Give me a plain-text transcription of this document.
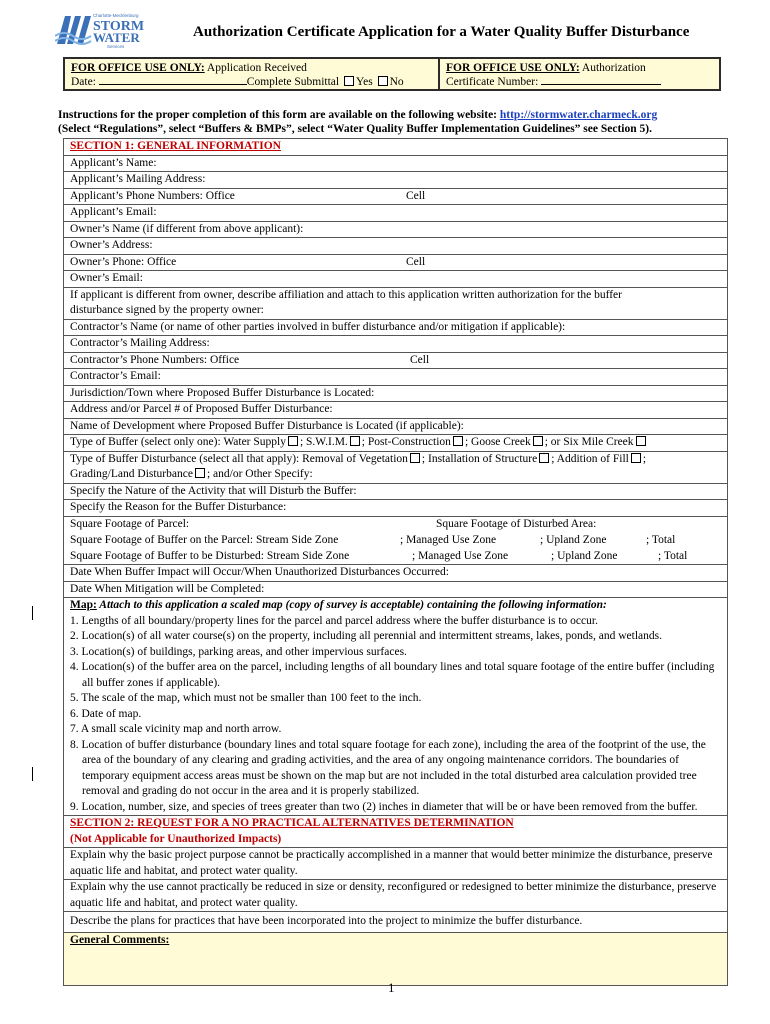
Charlotte-Mecklenburg
STORM
WATER
Services
Authorization Certificate Application for a Water Quality Buffer Disturbance
FOR OFFICE USE ONLY: Application Received
Date:	Complete Submittal Yes No
FOR OFFICE USE ONLY: Authorization
Certificate Number:
Instructions for the proper completion of this form are available on the following website: http://stormwater.charmeck.org
(Select “Regulations”, select “Buffers & BMPs”, select “Water Quality Buffer Implementation Guidelines” see Section 5).
SECTION 1: GENERAL INFORMATION
Applicant’s Name:
Applicant’s Mailing Address:
Applicant’s Phone Numbers: Office	Cell
Applicant’s Email:
Owner’s Name (if different from above applicant):
Owner’s Address:
Owner’s Phone: Office	Cell
Owner’s Email:
If applicant is different from owner, describe affiliation and attach to this application written authorization for the buffer
disturbance signed by the property owner:
Contractor’s Name (or name of other parties involved in buffer disturbance and/or mitigation if applicable):
Contractor’s Mailing Address:
Contractor’s Phone Numbers: Office	Cell
Contractor’s Email:
Jurisdiction/Town where Proposed Buffer Disturbance is Located:
Address and/or Parcel # of Proposed Buffer Disturbance:
Name of Development where Proposed Buffer Disturbance is Located (if applicable):
Type of Buffer (select only one): Water Supply ; S.W.I.M. ; Post-Construction ; Goose Creek ; or Six Mile Creek
Type of Buffer Disturbance (select all that apply): Removal of Vegetation ; Installation of Structure ; Addition of Fill ;
Grading/Land Disturbance ; and/or Other Specify:
Specify the Nature of the Activity that will Disturb the Buffer:
Specify the Reason for the Buffer Disturbance:
Square Footage of Parcel:	Square Footage of Disturbed Area:
Square Footage of Buffer on the Parcel: Stream Side Zone	; Managed Use Zone	; Upland Zone	; Total
Square Footage of Buffer to be Disturbed: Stream Side Zone	; Managed Use Zone	; Upland Zone	; Total
Date When Buffer Impact will Occur/When Unauthorized Disturbances Occurred:
Date When Mitigation will be Completed:
Map: Attach to this application a scaled map (copy of survey is acceptable) containing the following information:
1. Lengths of all boundary/property lines for the parcel and parcel address where the buffer disturbance is to occur.
2. Location(s) of all water course(s) on the property, including all perennial and intermittent streams, lakes, ponds, and wetlands.
3. Location(s) of buildings, parking areas, and other impervious surfaces.
4. Location(s) of the buffer area on the parcel, including lengths of all boundary lines and total square footage of the entire buffer (including all buffer zones if applicable).
5. The scale of the map, which must not be smaller than 100 feet to the inch.
6. Date of map.
7. A small scale vicinity map and north arrow.
8. Location of buffer disturbance (boundary lines and total square footage for each zone), including the area of the footprint of the use, the area of the boundary of any clearing and grading activities, and the area of any ongoing maintenance corridors. The boundaries of temporary equipment access areas must be shown on the map but are not included in the total disturbed area calculation provided tree removal and grading do not occur in the area and it is properly stabilized.
9. Location, number, size, and species of trees greater than two (2) inches in diameter that will be or have been removed from the buffer.
SECTION 2: REQUEST FOR A NO PRACTICAL ALTERNATIVES DETERMINATION
(Not Applicable for Unauthorized Impacts)
Explain why the basic project purpose cannot be practically accomplished in a manner that would better minimize the disturbance, preserve aquatic life and habitat, and protect water quality.
Explain why the use cannot practically be reduced in size or density, reconfigured or redesigned to better minimize the disturbance, preserve aquatic life and habitat, and protect water quality.
Describe the plans for practices that have been incorporated into the project to minimize the buffer disturbance.
General Comments:
1
